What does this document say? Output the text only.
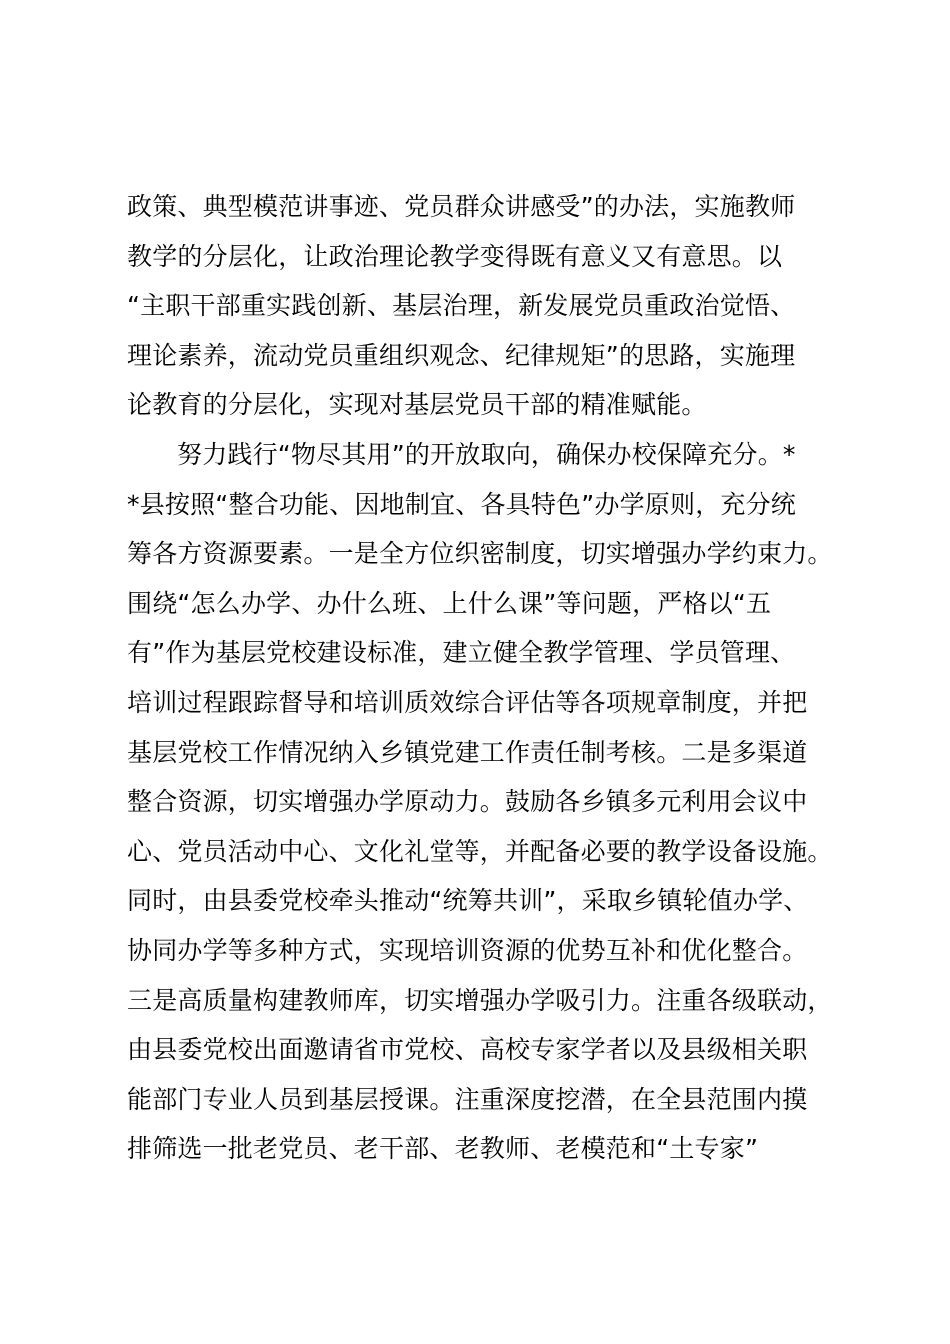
政策、典型模范讲事迹、党员群众讲感受”的办法，实施教师
教学的分层化，让政治理论教学变得既有意义又有意思。以
“主职干部重实践创新、基层治理，新发展党员重政治觉悟、
理论素养，流动党员重组织观念、纪律规矩”的思路，实施理
论教育的分层化，实现对基层党员干部的精准赋能。
努力践行“物尽其用”的开放取向，确保办校保障充分。*
*县按照“整合功能、因地制宜、各具特色”办学原则，充分统
筹各方资源要素。一是全方位织密制度，切实增强办学约束力。
围绕“怎么办学、办什么班、上什么课”等问题，严格以“五
有”作为基层党校建设标准，建立健全教学管理、学员管理、
培训过程跟踪督导和培训质效综合评估等各项规章制度，并把
基层党校工作情况纳入乡镇党建工作责任制考核。二是多渠道
整合资源，切实增强办学原动力。鼓励各乡镇多元利用会议中
心、党员活动中心、文化礼堂等，并配备必要的教学设备设施。
同时，由县委党校牵头推动“统筹共训”，采取乡镇轮值办学、
协同办学等多种方式，实现培训资源的优势互补和优化整合。
三是高质量构建教师库，切实增强办学吸引力。注重各级联动，
由县委党校出面邀请省市党校、高校专家学者以及县级相关职
能部门专业人员到基层授课。注重深度挖潜，在全县范围内摸
排筛选一批老党员、老干部、老教师、老模范和“土专家”
